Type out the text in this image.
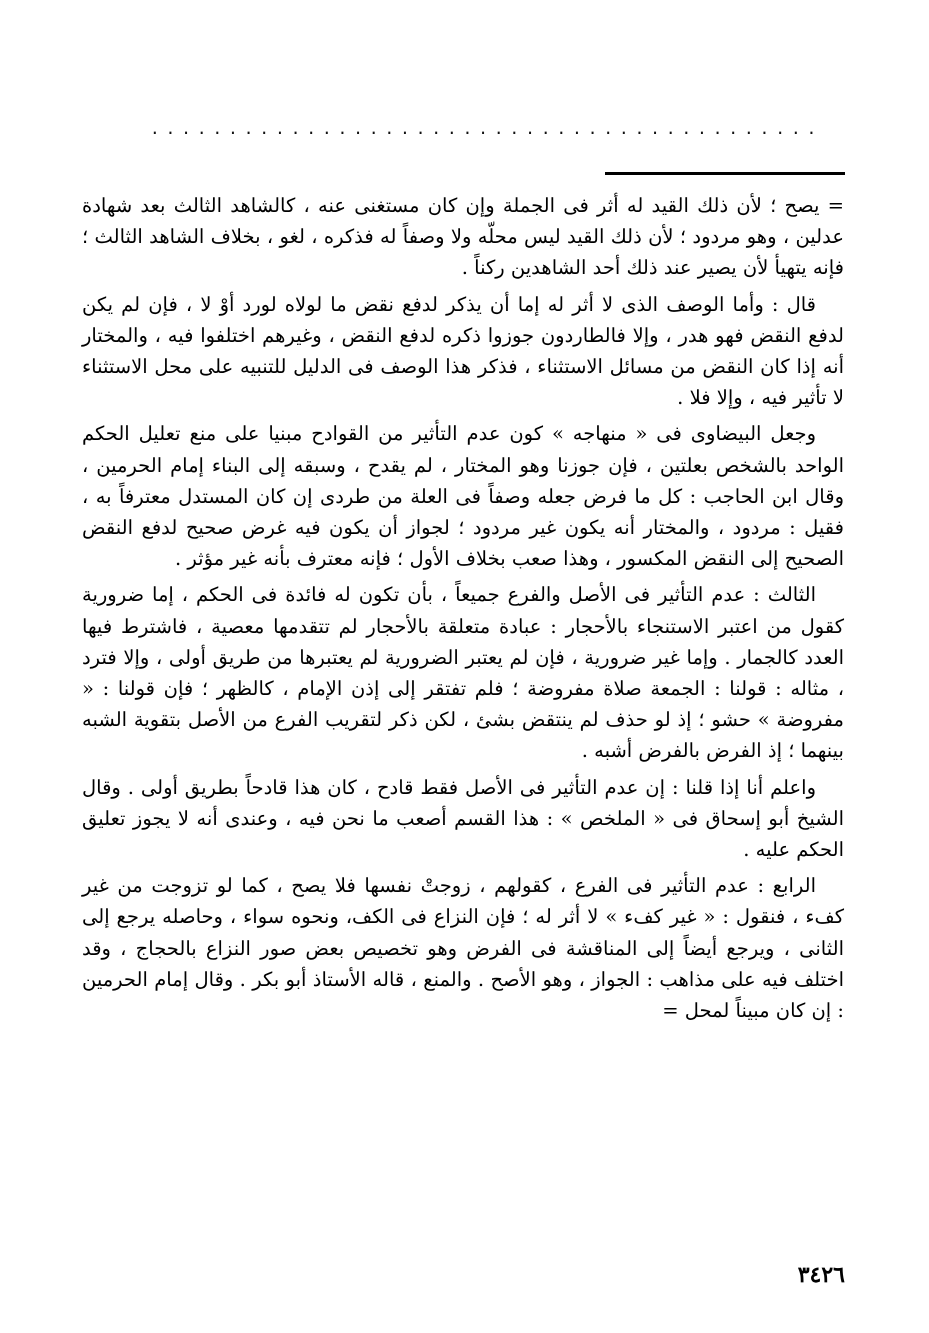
...........................................

= يصح ؛ لأن ذلك القيد له أثر فى الجملة وإن كان مستغنى عنه ، كالشاهد الثالث بعد شهادة عدلين ، وهو مردود ؛ لأن ذلك القيد ليس محلّه ولا وصفاً له فذكره ، لغو ، بخلاف الشاهد الثالث ؛ فإنه يتهيأ لأن يصير عند ذلك أحد الشاهدين ركناً .

قال : وأما الوصف الذى لا أثر له إما أن يذكر لدفع نقض ما لولاه لورد أوْ لا ، فإن لم يكن لدفع النقض فهو هدر ، وإلا فالطاردون جوزوا ذكره لدفع النقض ، وغيرهم اختلفوا فيه ، والمختار أنه إذا كان النقض من مسائل الاستثناء ، فذكر هذا الوصف فى الدليل للتنبيه على محل الاستثناء لا تأثير فيه ، وإلا فلا .

وجعل البيضاوى فى « منهاجه » كون عدم التأثير من القوادح مبنيا على منع تعليل الحكم الواحد بالشخص بعلتين ، فإن جوزنا وهو المختار ، لم يقدح ، وسبقه إلى البناء إمام الحرمين ، وقال ابن الحاجب : كل ما فرض جعله وصفاً فى العلة من طردى إن كان المستدل معترفاً به ، فقيل : مردود ، والمختار أنه يكون غير مردود ؛ لجواز أن يكون فيه غرض صحيح لدفع النقض الصحيح إلى النقض المكسور ، وهذا صعب بخلاف الأول ؛ فإنه معترف بأنه غير مؤثر .

الثالث : عدم التأثير فى الأصل والفرع جميعاً ، بأن تكون له فائدة فى الحكم ، إما ضرورية كقول من اعتبر الاستنجاء بالأحجار : عبادة متعلقة بالأحجار لم تتقدمها معصية ، فاشترط فيها العدد كالجمار . وإما غير ضرورية ، فإن لم يعتبر الضرورية لم يعتبرها من طريق أولى ، وإلا فترد ، مثاله : قولنا : الجمعة صلاة مفروضة ؛ فلم تفتقر إلى إذن الإمام ، كالظهر ؛ فإن قولنا : « مفروضة » حشو ؛ إذ لو حذف لم ينتقض بشئ ، لكن ذكر لتقريب الفرع من الأصل بتقوية الشبه بينهما ؛ إذ الفرض بالفرض أشبه .

واعلم أنا إذا قلنا : إن عدم التأثير فى الأصل فقط قادح ، كان هذا قادحاً بطريق أولى . وقال الشيخ أبو إسحاق فى « الملخص » : هذا القسم أصعب ما نحن فيه ، وعندى أنه لا يجوز تعليق الحكم عليه .

الرابع : عدم التأثير فى الفرع ، كقولهم ، زوجتْ نفسها فلا يصح ، كما لو تزوجت من غير كفء ، فنقول : « غير كفء » لا أثر له ؛ فإن النزاع فى الكف، ونحوه سواء ، وحاصله يرجع إلى الثانى ، ويرجع أيضاً إلى المناقشة فى الفرض وهو تخصيص بعض صور النزاع بالحجاج ، وقد اختلف فيه على مذاهب : الجواز ، وهو الأصح . والمنع ، قاله الأستاذ أبو بكر . وقال إمام الحرمين : إن كان مبيناً لمحل =

٣٤٢٦
